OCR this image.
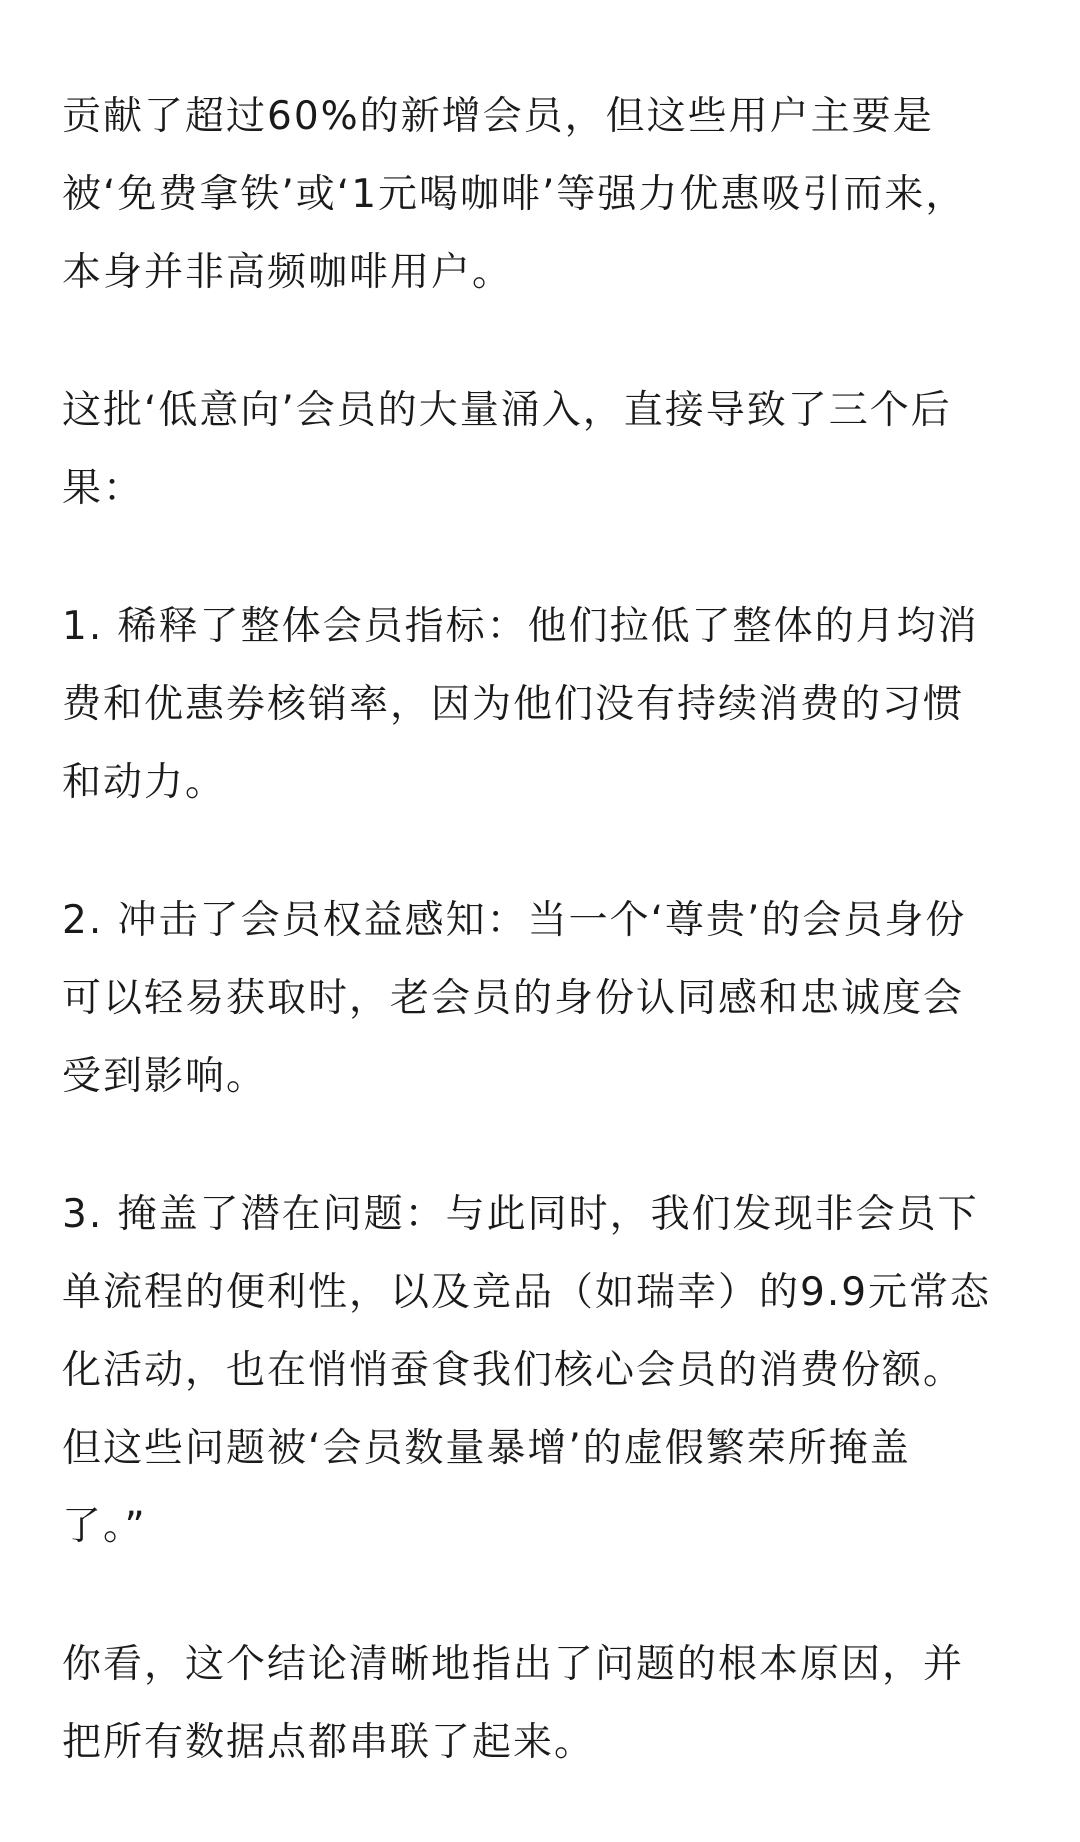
贡献了超过60%的新增会员，但这些用户主要是
被‘免费拿铁’或‘1元喝咖啡’等强力优惠吸引而来，
本身并非高频咖啡用户。

这批‘低意向’会员的大量涌入，直接导致了三个后
果：

1. 稀释了整体会员指标：他们拉低了整体的月均消
费和优惠券核销率，因为他们没有持续消费的习惯
和动力。

2. 冲击了会员权益感知：当一个‘尊贵’的会员身份
可以轻易获取时，老会员的身份认同感和忠诚度会
受到影响。

3. 掩盖了潜在问题：与此同时，我们发现非会员下
单流程的便利性，以及竞品（如瑞幸）的9.9元常态
化活动，也在悄悄蚕食我们核心会员的消费份额。
但这些问题被‘会员数量暴增’的虚假繁荣所掩盖
了。”

你看，这个结论清晰地指出了问题的根本原因，并
把所有数据点都串联了起来。
